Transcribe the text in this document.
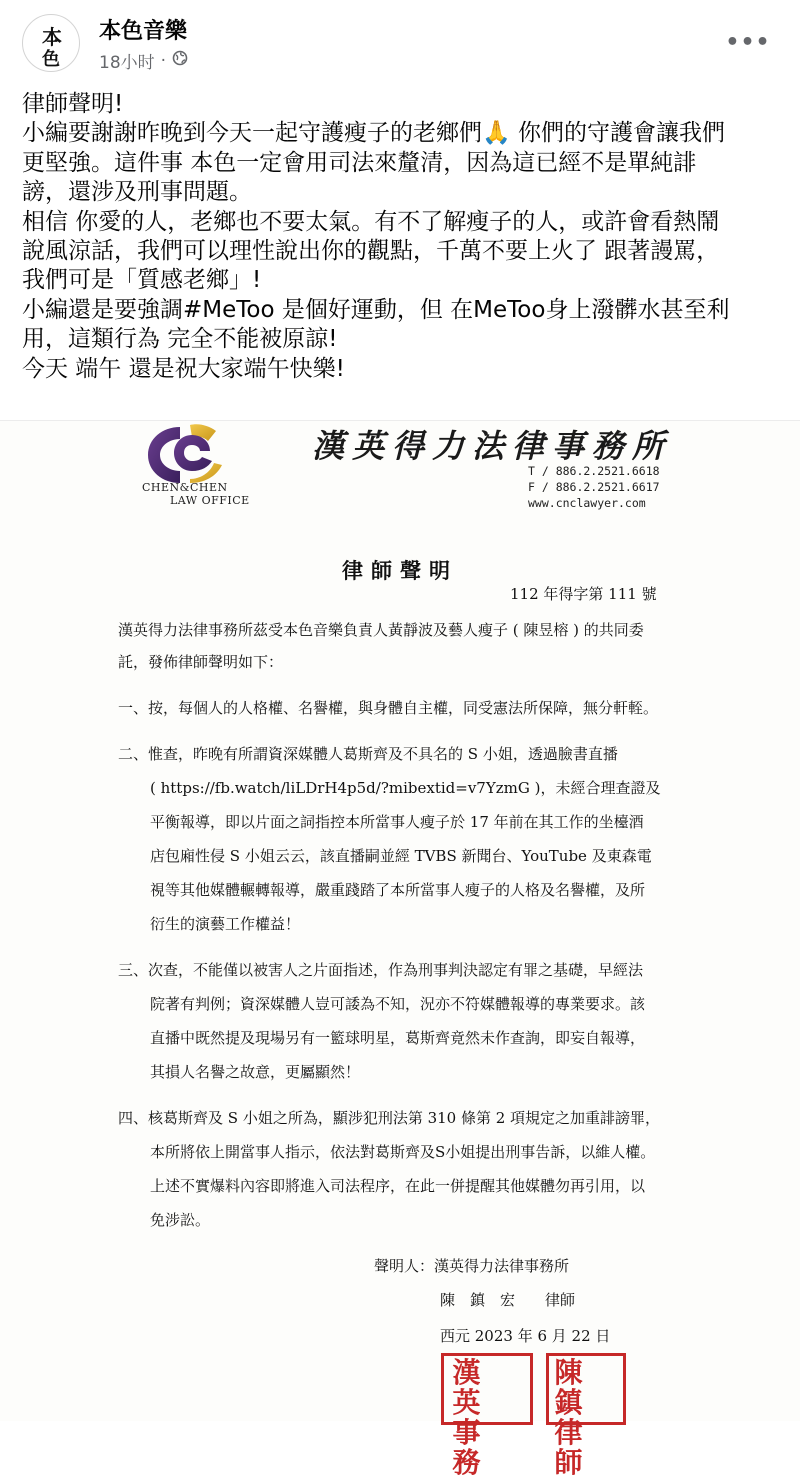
本
色
本色音樂
18小时 ·
•••

律師聲明!

小編要謝謝昨晚到今天一起守護瘦子的老鄉們🙏 你們的守護會讓我們

更堅強。這件事 本色一定會用司法來釐清，因為這已經不是單純誹

謗，還涉及刑事問題。

相信 你愛的人，老鄉也不要太氣。有不了解瘦子的人，或許會看熱鬧

說風涼話，我們可以理性說出你的觀點，千萬不要上火了 跟著謾罵，

我們可是「質感老鄉」!

小編還是要強調#MeToo 是個好運動，但 在MeToo身上潑髒水甚至利

用，這類行為 完全不能被原諒!

今天 端午 還是祝大家端午快樂!

CHEN&CHEN
LAW OFFICE
漢英得力法律事務所
T / 886.2.2521.6618
F / 886.2.2521.6617
www.cnclawyer.com
律師聲明
112 年得字第 111 號
漢英得力法律事務所茲受本色音樂負責人黃靜波及藝人瘦子 ( 陳昱榕 ) 的共同委
託，發佈律師聲明如下：
一、按，每個人的人格權、名譽權，與身體自主權，同受憲法所保障，無分軒輊。
二、惟查，昨晚有所謂資深媒體人葛斯齊及不具名的 S 小姐，透過臉書直播
( https://fb.watch/liLDrH4p5d/?mibextid=v7YzmG )，未經合理查證及
平衡報導，即以片面之詞指控本所當事人瘦子於 17 年前在其工作的坐檯酒
店包廂性侵 S 小姐云云，該直播嗣並經 TVBS 新聞台、YouTube 及東森電
視等其他媒體輾轉報導，嚴重踐踏了本所當事人瘦子的人格及名譽權，及所
衍生的演藝工作權益！
三、次查，不能僅以被害人之片面指述，作為刑事判決認定有罪之基礎，早經法
院著有判例；資深媒體人豈可諉為不知，況亦不符媒體報導的專業要求。該
直播中既然提及現場另有一籃球明星，葛斯齊竟然未作查詢，即妄自報導，
其損人名譽之故意，更屬顯然！
四、核葛斯齊及 S 小姐之所為，顯涉犯刑法第 310 條第 2 項規定之加重誹謗罪，
本所將依上開當事人指示，依法對葛斯齊及S小姐提出刑事告訴，以維人權。
上述不實爆料內容即將進入司法程序，在此一併提醒其他媒體勿再引用，以
免涉訟。
聲明人：漢英得力法律事務所
陳　鎮　宏　　律師
西元 2023 年 6 月 22 日
漢英事務
陳鎮律師
